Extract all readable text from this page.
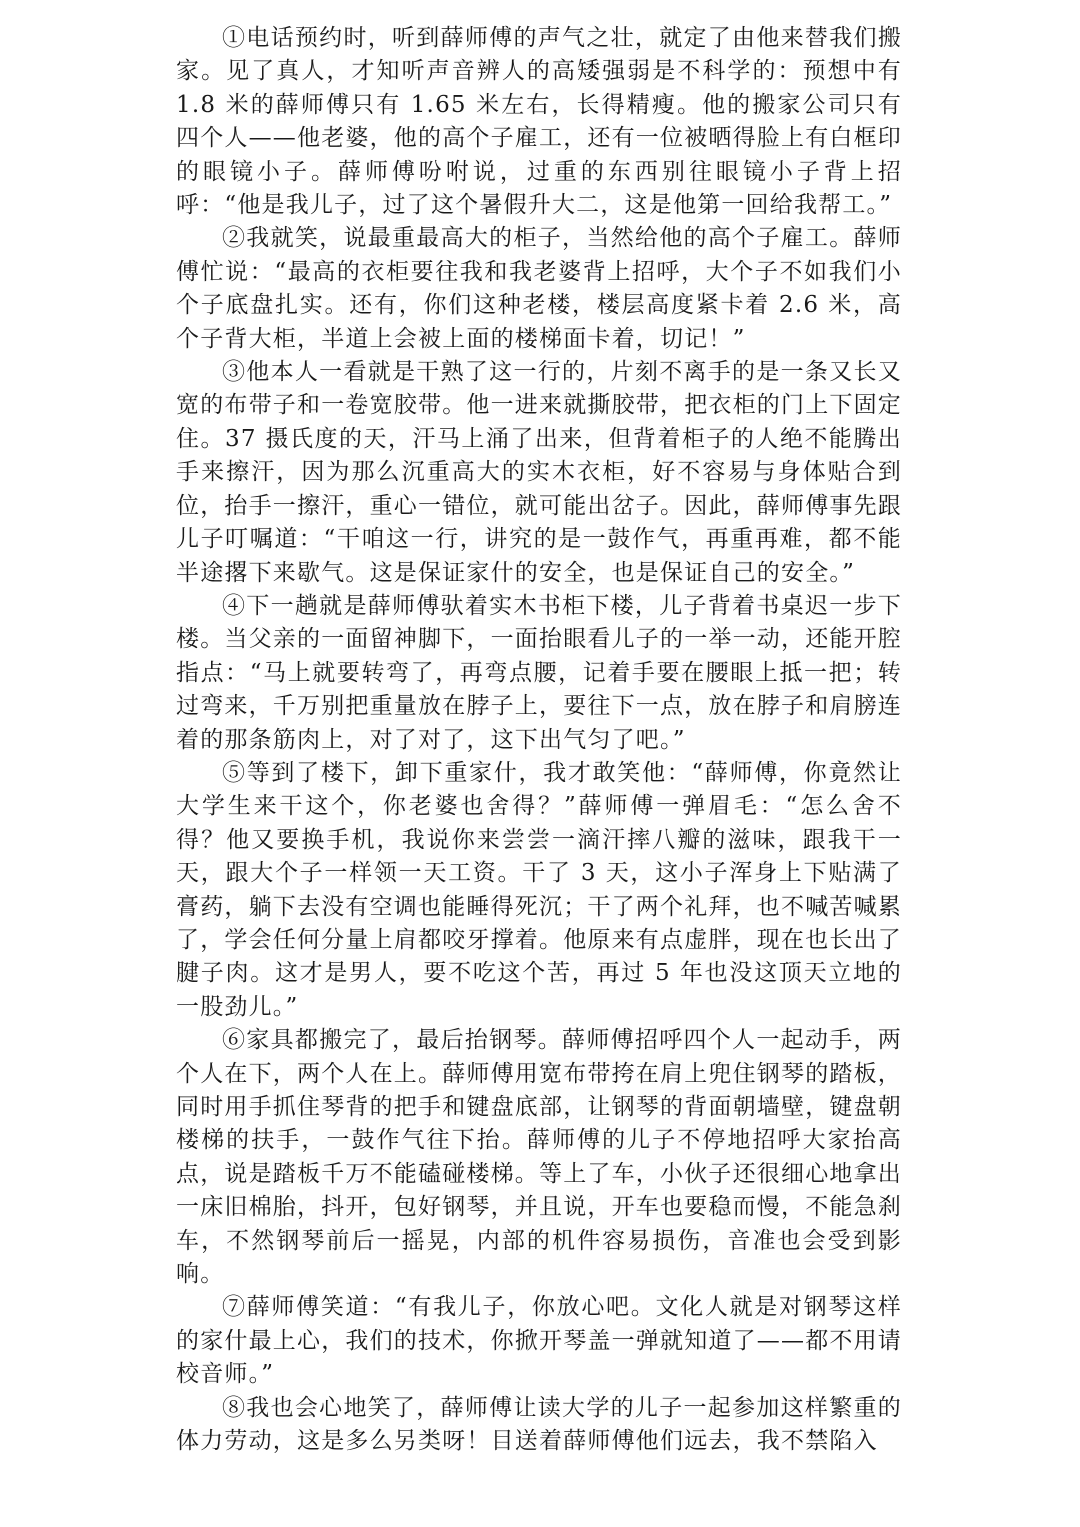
①电话预约时，听到薛师傅的声气之壮，就定了由他来替我们搬家。见了真人，才知听声音辨人的高矮强弱是不科学的：预想中有1.8 米的薛师傅只有 1.65 米左右，长得精瘦。他的搬家公司只有四个人——他老婆，他的高个子雇工，还有一位被晒得脸上有白框印的眼镜小子。薛师傅吩咐说，过重的东西别往眼镜小子背上招呼：“他是我儿子，过了这个暑假升大二，这是他第一回给我帮工。”

②我就笑，说最重最高大的柜子，当然给他的高个子雇工。薛师傅忙说：“最高的衣柜要往我和我老婆背上招呼，大个子不如我们小个子底盘扎实。还有，你们这种老楼，楼层高度紧卡着 2.6 米，高个子背大柜，半道上会被上面的楼梯面卡着，切记！”

③他本人一看就是干熟了这一行的，片刻不离手的是一条又长又宽的布带子和一卷宽胶带。他一进来就撕胶带，把衣柜的门上下固定住。37 摄氏度的天，汗马上涌了出来，但背着柜子的人绝不能腾出手来擦汗，因为那么沉重高大的实木衣柜，好不容易与身体贴合到位，抬手一擦汗，重心一错位，就可能出岔子。因此，薛师傅事先跟儿子叮嘱道：“干咱这一行，讲究的是一鼓作气，再重再难，都不能半途撂下来歇气。这是保证家什的安全，也是保证自己的安全。”

④下一趟就是薛师傅驮着实木书柜下楼，儿子背着书桌迟一步下楼。当父亲的一面留神脚下，一面抬眼看儿子的一举一动，还能开腔指点：“马上就要转弯了，再弯点腰，记着手要在腰眼上抵一把；转过弯来，千万别把重量放在脖子上，要往下一点，放在脖子和肩膀连着的那条筋肉上，对了对了，这下出气匀了吧。”

⑤等到了楼下，卸下重家什，我才敢笑他：“薛师傅，你竟然让大学生来干这个，你老婆也舍得？”薛师傅一弹眉毛：“怎么舍不得？他又要换手机，我说你来尝尝一滴汗摔八瓣的滋味，跟我干一天，跟大个子一样领一天工资。干了 3 天，这小子浑身上下贴满了膏药，躺下去没有空调也能睡得死沉；干了两个礼拜，也不喊苦喊累了，学会任何分量上肩都咬牙撑着。他原来有点虚胖，现在也长出了腱子肉。这才是男人，要不吃这个苦，再过 5 年也没这顶天立地的一股劲儿。”

⑥家具都搬完了，最后抬钢琴。薛师傅招呼四个人一起动手，两个人在下，两个人在上。薛师傅用宽布带挎在肩上兜住钢琴的踏板，同时用手抓住琴背的把手和键盘底部，让钢琴的背面朝墙壁，键盘朝楼梯的扶手，一鼓作气往下抬。薛师傅的儿子不停地招呼大家抬高点，说是踏板千万不能磕碰楼梯。等上了车，小伙子还很细心地拿出一床旧棉胎，抖开，包好钢琴，并且说，开车也要稳而慢，不能急刹车，不然钢琴前后一摇晃，内部的机件容易损伤，音准也会受到影响。

⑦薛师傅笑道：“有我儿子，你放心吧。文化人就是对钢琴这样的家什最上心，我们的技术，你掀开琴盖一弹就知道了——都不用请校音师。”

⑧我也会心地笑了，薛师傅让读大学的儿子一起参加这样繁重的体力劳动，这是多么另类呀！目送着薛师傅他们远去，我不禁陷入
